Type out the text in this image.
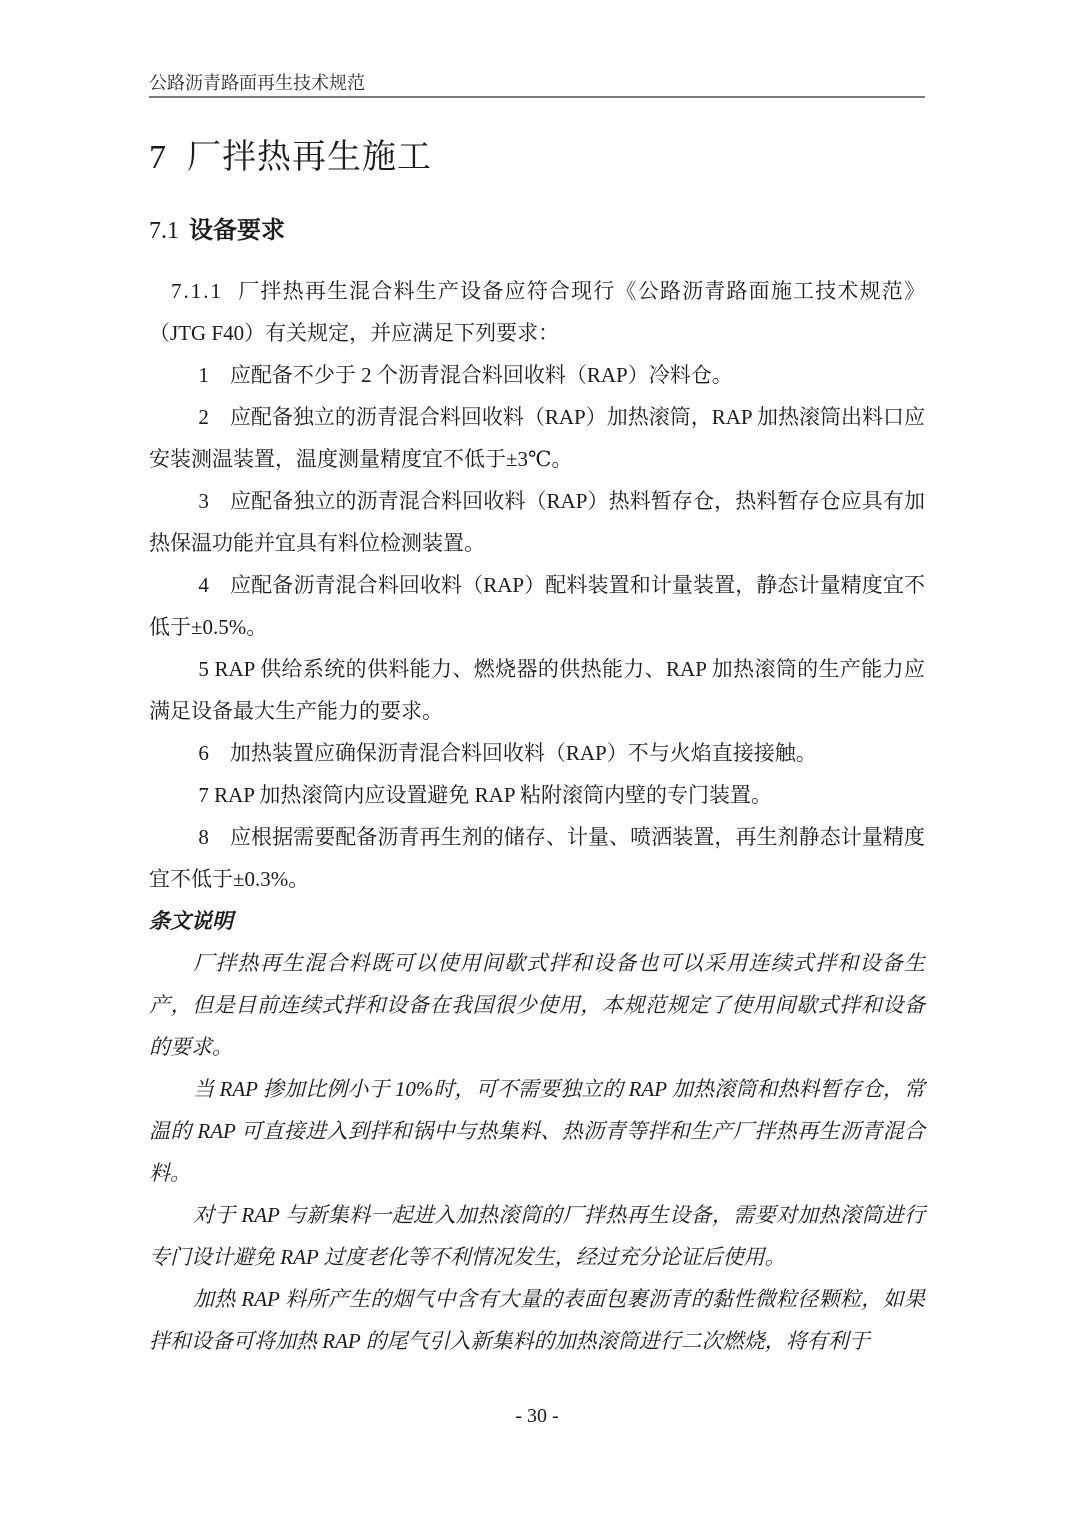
公路沥青路面再生技术规范
7 厂拌热再生施工
7.1 设备要求

7.1.1 厂拌热再生混合料生产设备应符合现行《公路沥青路面施工技术规范》（JTG F40）有关规定，并应满足下列要求：

1　应配备不少于 2 个沥青混合料回收料（RAP）冷料仓。

2　应配备独立的沥青混合料回收料（RAP）加热滚筒，RAP 加热滚筒出料口应安装测温装置，温度测量精度宜不低于±3℃。

3　应配备独立的沥青混合料回收料（RAP）热料暂存仓，热料暂存仓应具有加热保温功能并宜具有料位检测装置。

4　应配备沥青混合料回收料（RAP）配料装置和计量装置，静态计量精度宜不低于±0.5%。

5 RAP 供给系统的供料能力、燃烧器的供热能力、RAP 加热滚筒的生产能力应满足设备最大生产能力的要求。

6　加热装置应确保沥青混合料回收料（RAP）不与火焰直接接触。

7 RAP 加热滚筒内应设置避免 RAP 粘附滚筒内壁的专门装置。

8　应根据需要配备沥青再生剂的储存、计量、喷洒装置，再生剂静态计量精度宜不低于±0.3%。

条文说明

厂拌热再生混合料既可以使用间歇式拌和设备也可以采用连续式拌和设备生产，但是目前连续式拌和设备在我国很少使用，本规范规定了使用间歇式拌和设备的要求。

当 RAP 掺加比例小于 10%时，可不需要独立的 RAP 加热滚筒和热料暂存仓，常温的 RAP 可直接进入到拌和锅中与热集料、热沥青等拌和生产厂拌热再生沥青混合料。

对于 RAP 与新集料一起进入加热滚筒的厂拌热再生设备，需要对加热滚筒进行专门设计避免 RAP 过度老化等不利情况发生，经过充分论证后使用。

加热 RAP 料所产生的烟气中含有大量的表面包裹沥青的黏性微粒径颗粒，如果拌和设备可将加热 RAP 的尾气引入新集料的加热滚筒进行二次燃烧，将有利于

- 30 -
